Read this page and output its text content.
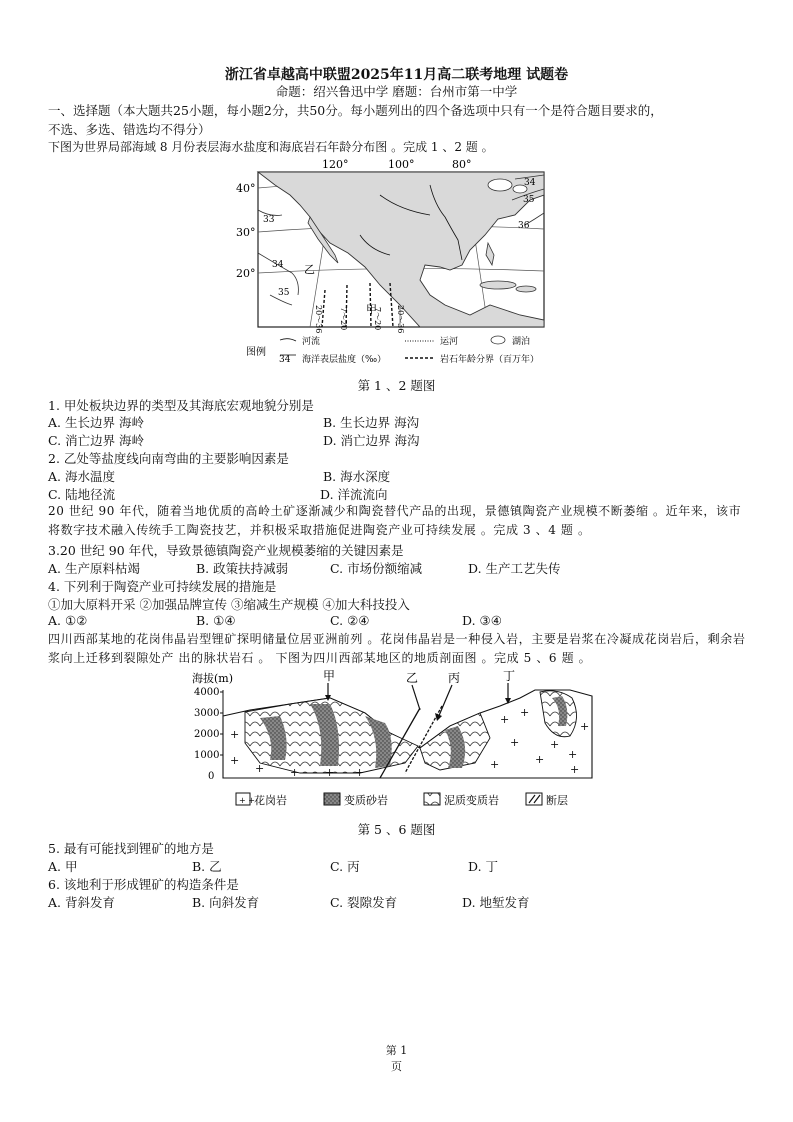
浙江省卓越高中联盟2025年11月高二联考地理 试题卷
命题：绍兴鲁迅中学 磨题：台州市第一中学
一、选择题（本大题共25小题，每小题2分，共50分。每小题列出的四个备选项中只有一个是符合题目要求的，
不选、多选、错选均不得分）
下图为世界局部海域 8 月份表层海水盐度和海底岩石年龄分布图 。完成 1 、2 题 。
120°	100°	80°
40°
30°
20°
33
34
35
34
35
36
20～36 7～20	7～20 20～36
甲
乙
图例
河流
34 海洋表层盐度（‰）
运河	湖泊
岩石年龄分界（百万年）
第 1 、2 题图
1. 甲处板块边界的类型及其海底宏观地貌分别是
A. 生长边界 海岭	B. 生长边界 海沟
C. 消亡边界 海岭	D. 消亡边界 海沟
2. 乙处等盐度线向南弯曲的主要影响因素是
A. 海水温度	B. 海水深度
C. 陆地径流	D. 洋流流向
20 世纪 90 年代，随着当地优质的高岭土矿逐渐减少和陶瓷替代产品的出现，景德镇陶瓷产业规模不断萎缩 。近年来，该市将数字技术融入传统手工陶瓷技艺，并积极采取措施促进陶瓷产业可持续发展 。完成 3 、4 题 。
3.20 世纪 90 年代，导致景德镇陶瓷产业规模萎缩的关键因素是
A. 生产原料枯竭	B. 政策扶持减弱	C. 市场份额缩减	D. 生产工艺失传
4. 下列利于陶瓷产业可持续发展的措施是
①加大原料开采 ②加强品牌宣传 ③缩减生产规模 ④加大科技投入
A. ①②	B. ①④	C. ②④	D. ③④
四川西部某地的花岗伟晶岩型锂矿探明储量位居亚洲前列 。花岗伟晶岩是一种侵入岩，主要是岩浆在冷凝成花岗岩后，剩余岩浆向上迁移到裂隙处产 出的脉状岩石 。 下图为四川西部某地区的地质剖面图 。完成 5 、6 题 。
海拔(m)
4000
3000
2000
1000
0
+
+
+ + + +
+
+
+
+
+
+
+
+
+
甲	乙 丙	丁
+ + 花岗岩	变质砂岩	泥质变质岩	断层
第 5 、6 题图
5. 最有可能找到锂矿的地方是
A. 甲	B. 乙	C. 丙	D. 丁
6. 该地利于形成锂矿的构造条件是
A. 背斜发育	B. 向斜发育	C. 裂隙发育	D. 地堑发育
第 1
页
